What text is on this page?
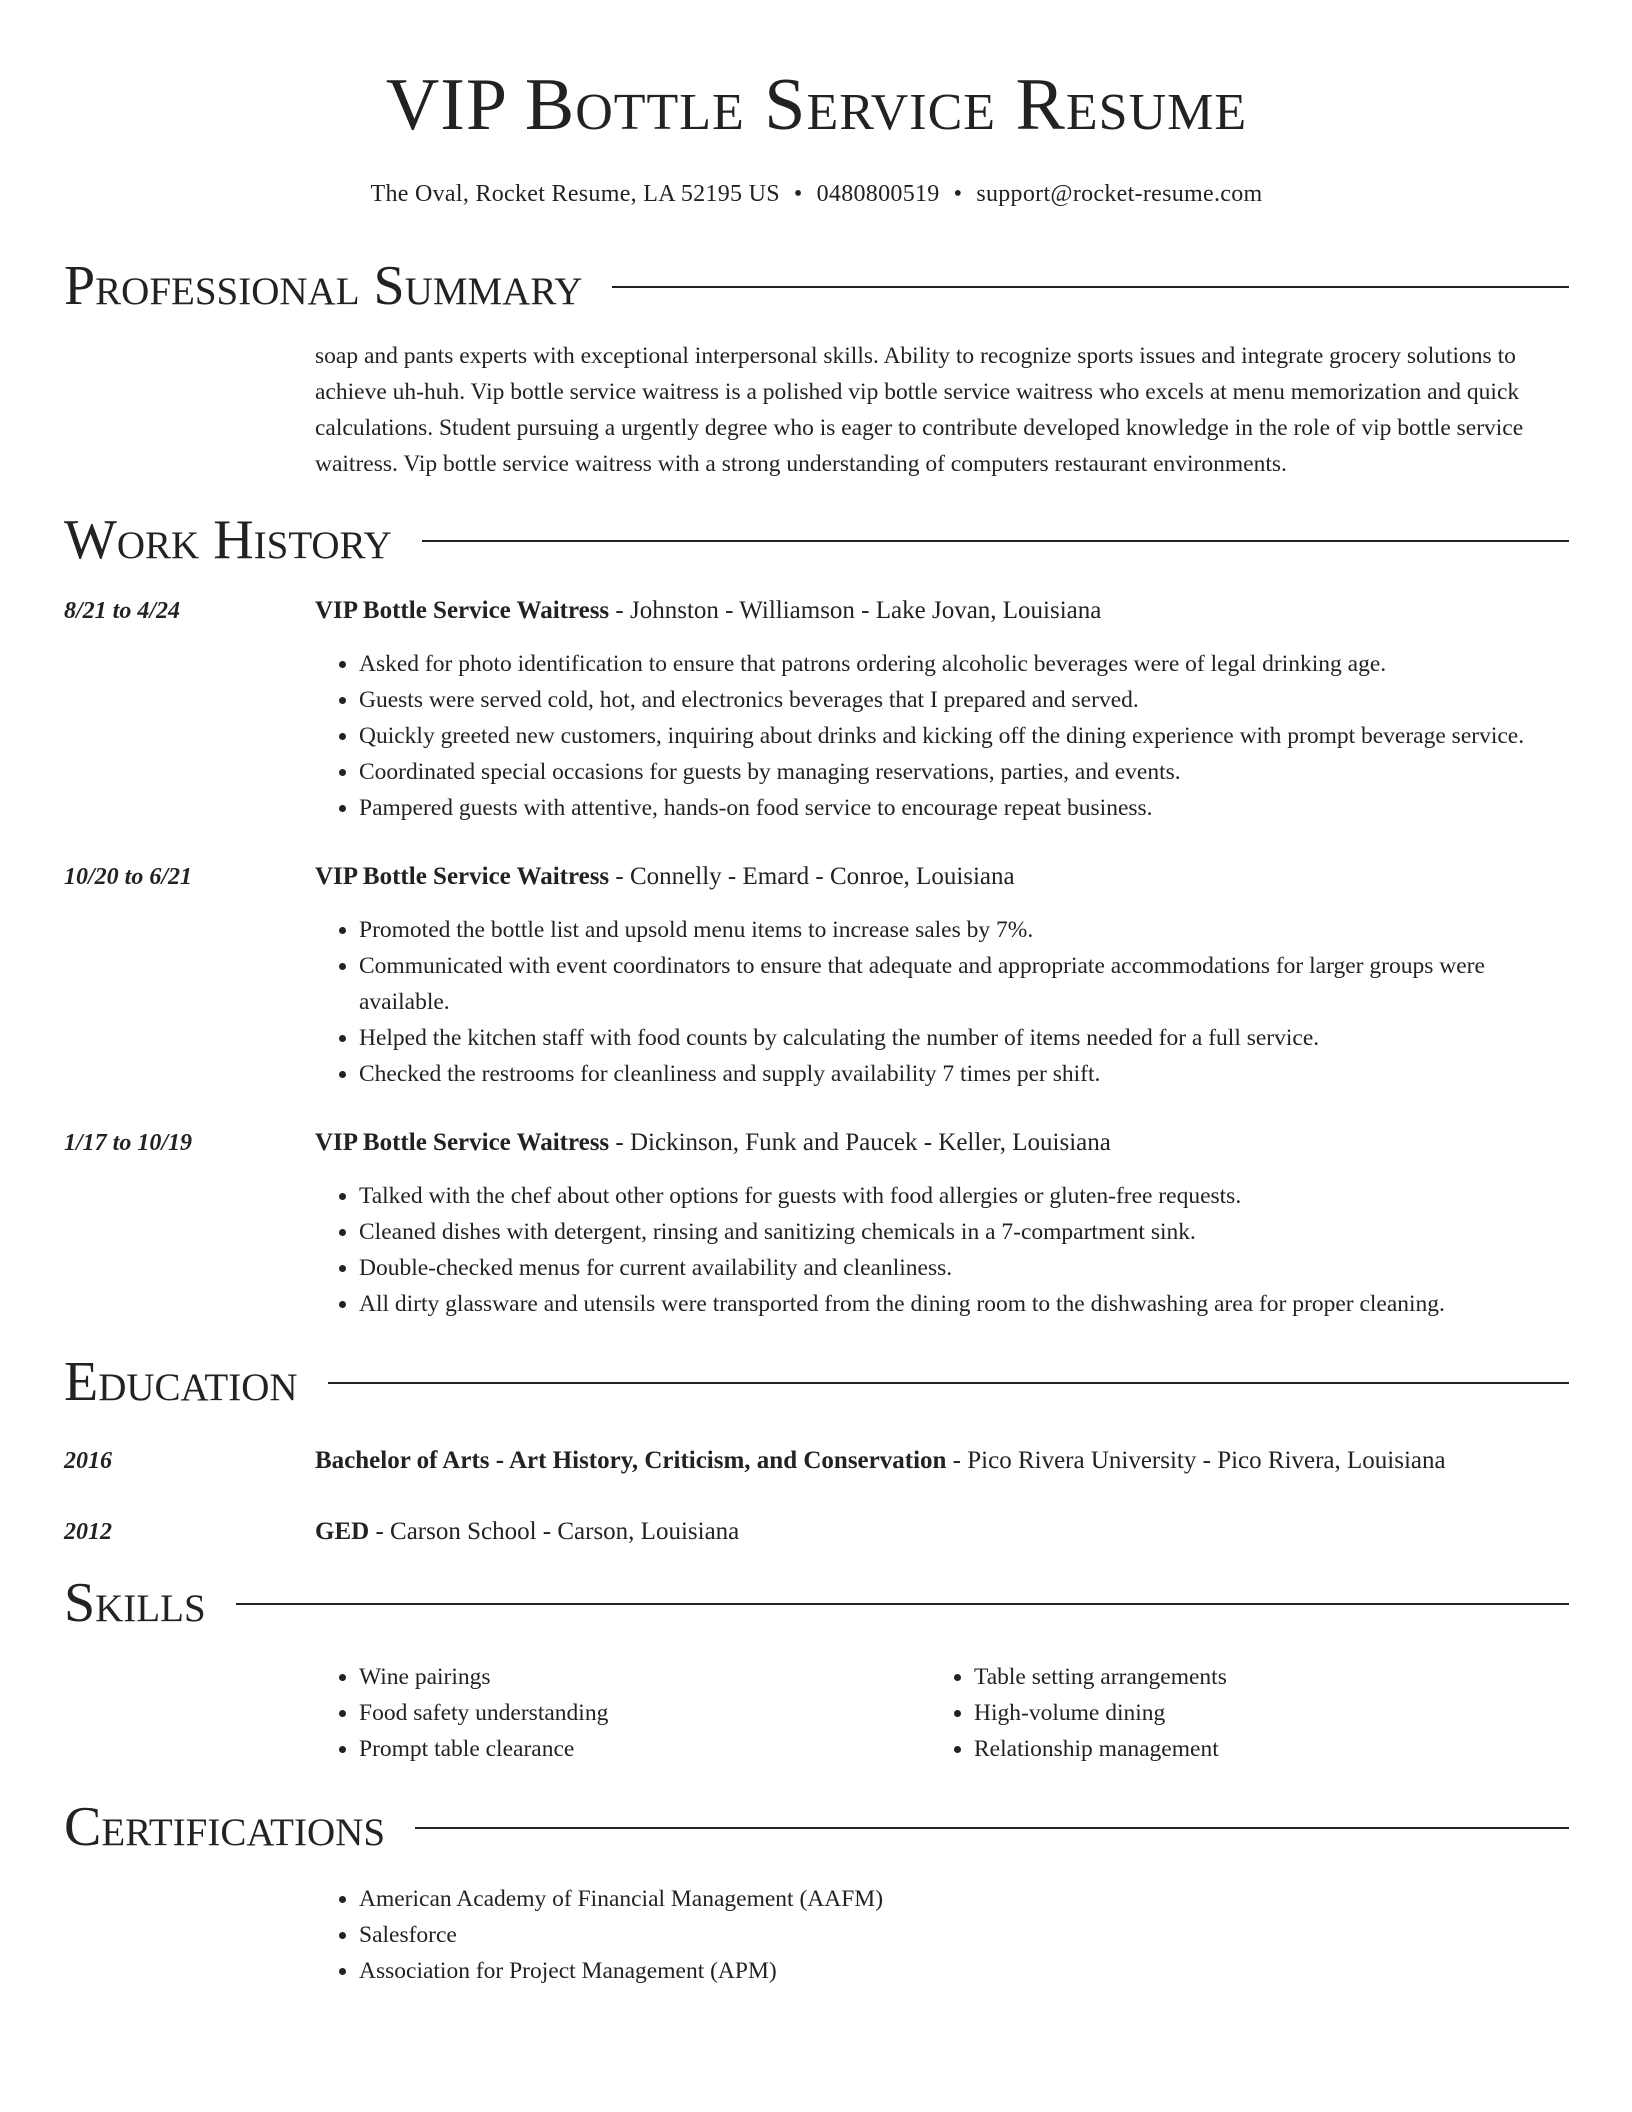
VIP Bottle Service Resume
The Oval, Rocket Resume, LA 52195 US • 0480800519 • support@rocket-resume.com
Professional Summary
soap and pants experts with exceptional interpersonal skills. Ability to recognize sports issues and integrate grocery solutions to achieve uh-huh. Vip bottle service waitress is a polished vip bottle service waitress who excels at menu memorization and quick calculations. Student pursuing a urgently degree who is eager to contribute developed knowledge in the role of vip bottle service waitress. Vip bottle service waitress with a strong understanding of computers restaurant environments.
Work History
8/21 to 4/24	VIP Bottle Service Waitress - Johnston - Williamson - Lake Jovan, Louisiana
• Asked for photo identification to ensure that patrons ordering alcoholic beverages were of legal drinking age.
• Guests were served cold, hot, and electronics beverages that I prepared and served.
• Quickly greeted new customers, inquiring about drinks and kicking off the dining experience with prompt beverage service.
• Coordinated special occasions for guests by managing reservations, parties, and events.
• Pampered guests with attentive, hands-on food service to encourage repeat business.
10/20 to 6/21	VIP Bottle Service Waitress - Connelly - Emard - Conroe, Louisiana
• Promoted the bottle list and upsold menu items to increase sales by 7%.
• Communicated with event coordinators to ensure that adequate and appropriate accommodations for larger groups were available.
• Helped the kitchen staff with food counts by calculating the number of items needed for a full service.
• Checked the restrooms for cleanliness and supply availability 7 times per shift.
1/17 to 10/19	VIP Bottle Service Waitress - Dickinson, Funk and Paucek - Keller, Louisiana
• Talked with the chef about other options for guests with food allergies or gluten-free requests.
• Cleaned dishes with detergent, rinsing and sanitizing chemicals in a 7-compartment sink.
• Double-checked menus for current availability and cleanliness.
• All dirty glassware and utensils were transported from the dining room to the dishwashing area for proper cleaning.
Education
2016	Bachelor of Arts - Art History, Criticism, and Conservation - Pico Rivera University - Pico Rivera, Louisiana
2012	GED - Carson School - Carson, Louisiana
Skills
• Wine pairings
• Food safety understanding
• Prompt table clearance
• Table setting arrangements
• High-volume dining
• Relationship management
Certifications
• American Academy of Financial Management (AAFM)
• Salesforce
• Association for Project Management (APM)
